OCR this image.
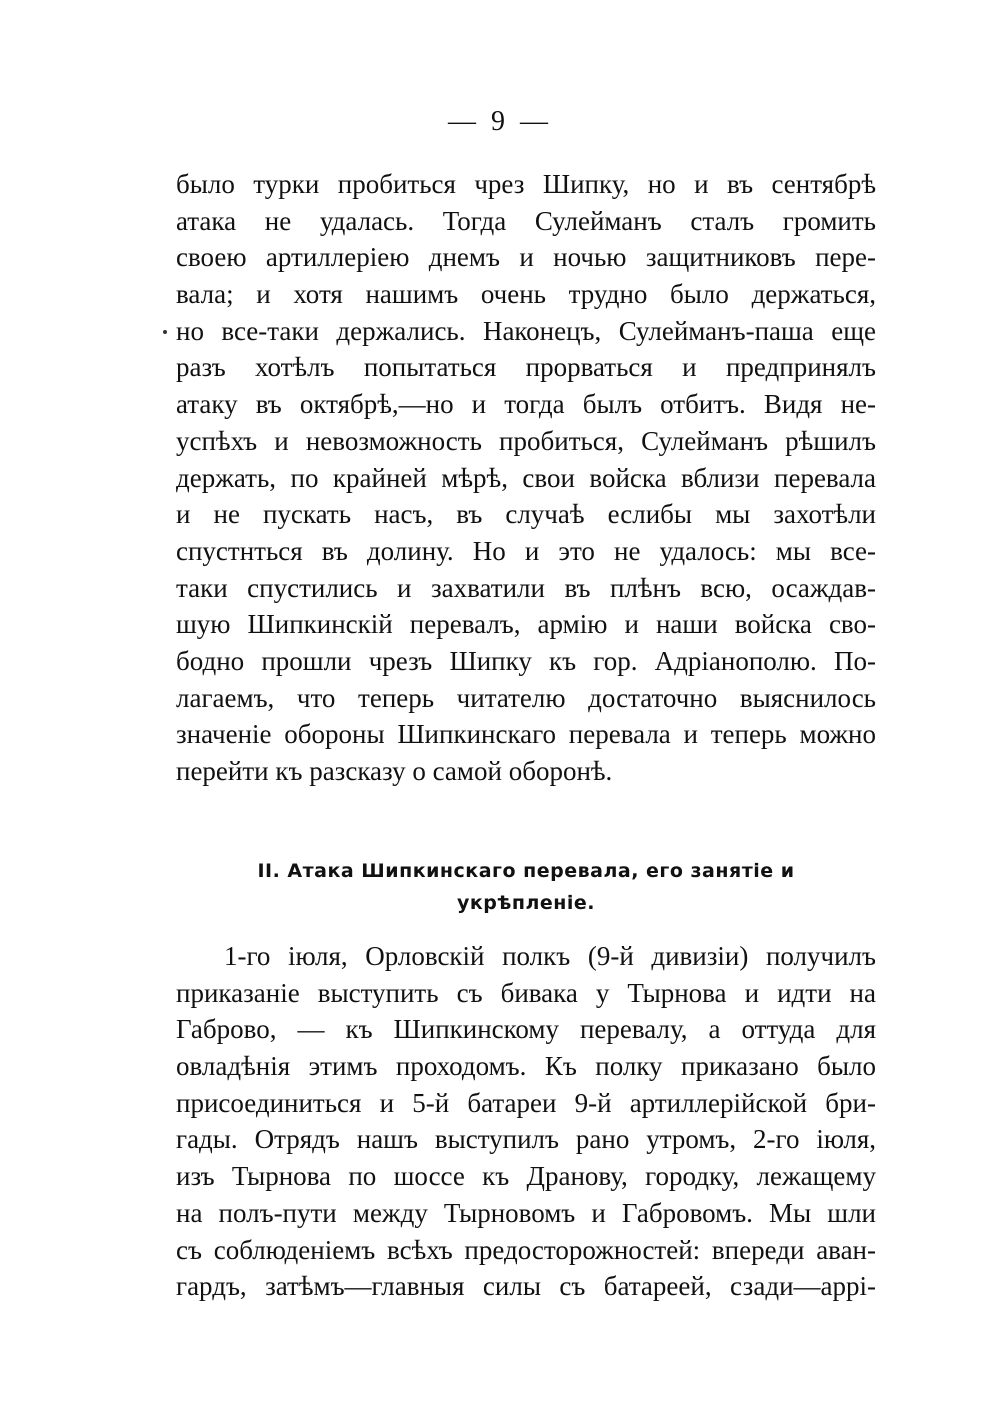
— 9 —
было турки пробиться чрез Шипку, но и въ сентябрѣ
атака не удалась. Тогда Сулейманъ сталъ громить
своею артиллеріею днемъ и ночью защитниковъ пере-
вала; и хотя нашимъ очень трудно было держаться,
но все-таки держались. Наконецъ, Сулейманъ-паша еще
разъ хотѣлъ попытаться прорваться и предпринялъ
атаку въ октябрѣ,—но и тогда былъ отбитъ. Видя не-
успѣхъ и невозможность пробиться, Сулейманъ рѣшилъ
держать, по крайней мѣрѣ, свои войска вблизи перевала
и не пускать насъ, въ случаѣ еслибы мы захотѣли
спустнться въ долину. Но и это не удалось: мы все-
таки спустились и захватили въ плѣнъ всю, осаждав-
шую Шипкинскій перевалъ, армію и наши войска сво-
бодно прошли чрезъ Шипку къ гор. Адріанополю. По-
лагаемъ, что теперь читателю достаточно выяснилось
значеніе обороны Шипкинскаго перевала и теперь можно
перейти къ разсказу о самой оборонѣ.
II. Атака Шипкинскаго перевала, его занятіе и
укрѣпленіе.
1-го іюля, Орловскій полкъ (9-й дивизіи) получилъ
приказаніе выступить съ бивака у Тырнова и идти на
Габрово, — къ Шипкинскому перевалу, а оттуда для
овладѣнія этимъ проходомъ. Къ полку приказано было
присоединиться и 5-й батареи 9-й артиллерійской бри-
гады. Отрядъ нашъ выступилъ рано утромъ, 2-го іюля,
изъ Тырнова по шоссе къ Дранову, городку, лежащему
на полъ-пути между Тырновомъ и Габровомъ. Мы шли
съ соблюденіемъ всѣхъ предосторожностей: впереди аван-
гардъ, затѣмъ—главныя силы съ батареей, сзади—аррі-
